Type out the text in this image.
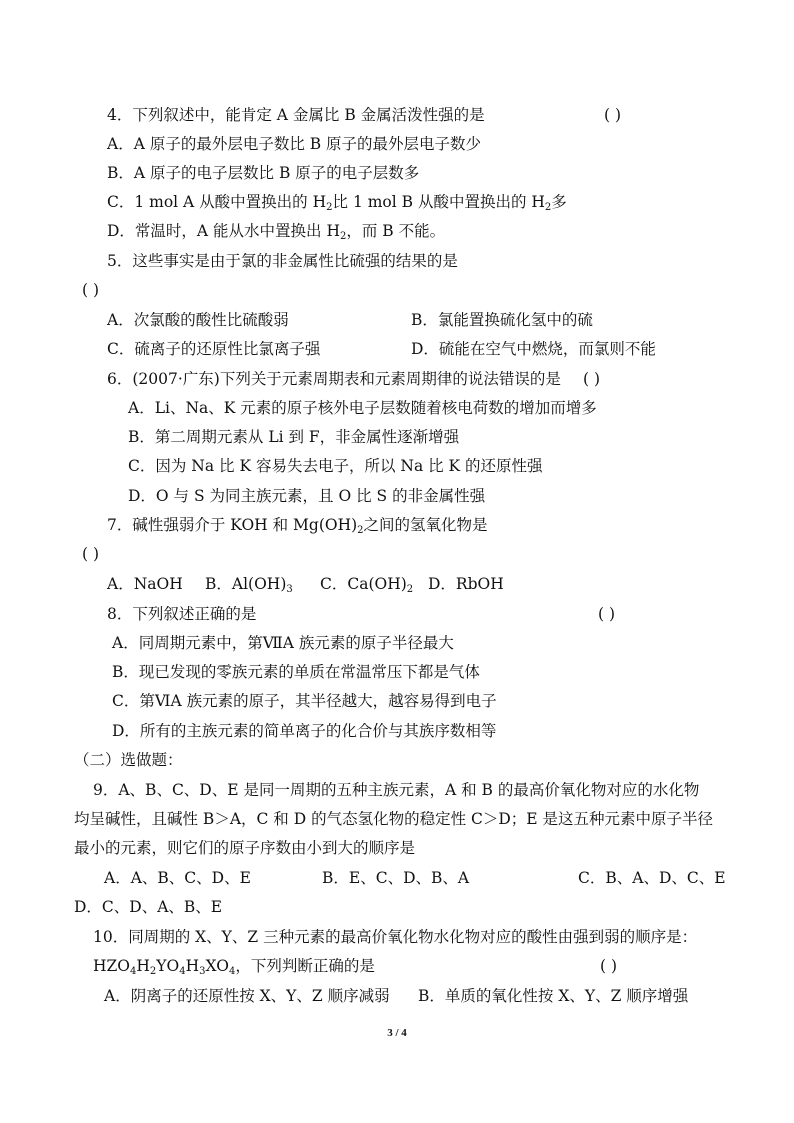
4．下列叙述中，能肯定 A 金属比 B 金属活泼性强的是	( )
A．A 原子的最外层电子数比 B 原子的最外层电子数少
B．A 原子的电子层数比 B 原子的电子层数多
C．1 mol A 从酸中置换出的 $H_2$比 1 mol B 从酸中置换出的 $H_2$多
D．常温时，A 能从水中置换出 $H_2$，而 B 不能。
5．这些事实是由于氯的非金属性比硫强的结果的是
( )
A．次氯酸的酸性比硫酸弱	B．氯能置换硫化氢中的硫
C．硫离子的还原性比氯离子强	D．硫能在空气中燃烧，而氯则不能
6．(2007·广东)下列关于元素周期表和元素周期律的说法错误的是 ( )
A．Li、Na、K 元素的原子核外电子层数随着核电荷数的增加而增多
B．第二周期元素从 Li 到 F，非金属性逐渐增强
C．因为 Na 比 K 容易失去电子，所以 Na 比 K 的还原性强
D．O 与 S 为同主族元素，且 O 比 S 的非金属性强
7．碱性强弱介于 KOH 和 $Mg(OH)_2$之间的氢氧化物是
( )
A．NaOH B．$Al(OH)_3$ C．$Ca(OH)_2$ D．RbOH
8．下列叙述正确的是	( )
A．同周期元素中，第ⅦA 族元素的原子半径最大
B．现已发现的零族元素的单质在常温常压下都是气体
C．第ⅥA 族元素的原子，其半径越大，越容易得到电子
D．所有的主族元素的简单离子的化合价与其族序数相等
（二）选做题：
9．A、B、C、D、E 是同一周期的五种主族元素，A 和 B 的最高价氧化物对应的水化物
均呈碱性，且碱性 B＞A，C 和 D 的气态氢化物的稳定性 C＞D；E 是这五种元素中原子半径
最小的元素，则它们的原子序数由小到大的顺序是
A．A、B、C、D、E	B．E、C、D、B、A	C．B、A、D、C、E
D．C、D、A、B、E
10．同周期的 X、Y、Z 三种元素的最高价氧化物水化物对应的酸性由强到弱的顺序是：
$HZO_4H_2YO_4H_3XO_4$，下列判断正确的是	( )
A．阴离子的还原性按 X、Y、Z 顺序减弱 B．单质的氧化性按 X、Y、Z 顺序增强
3 / 4
